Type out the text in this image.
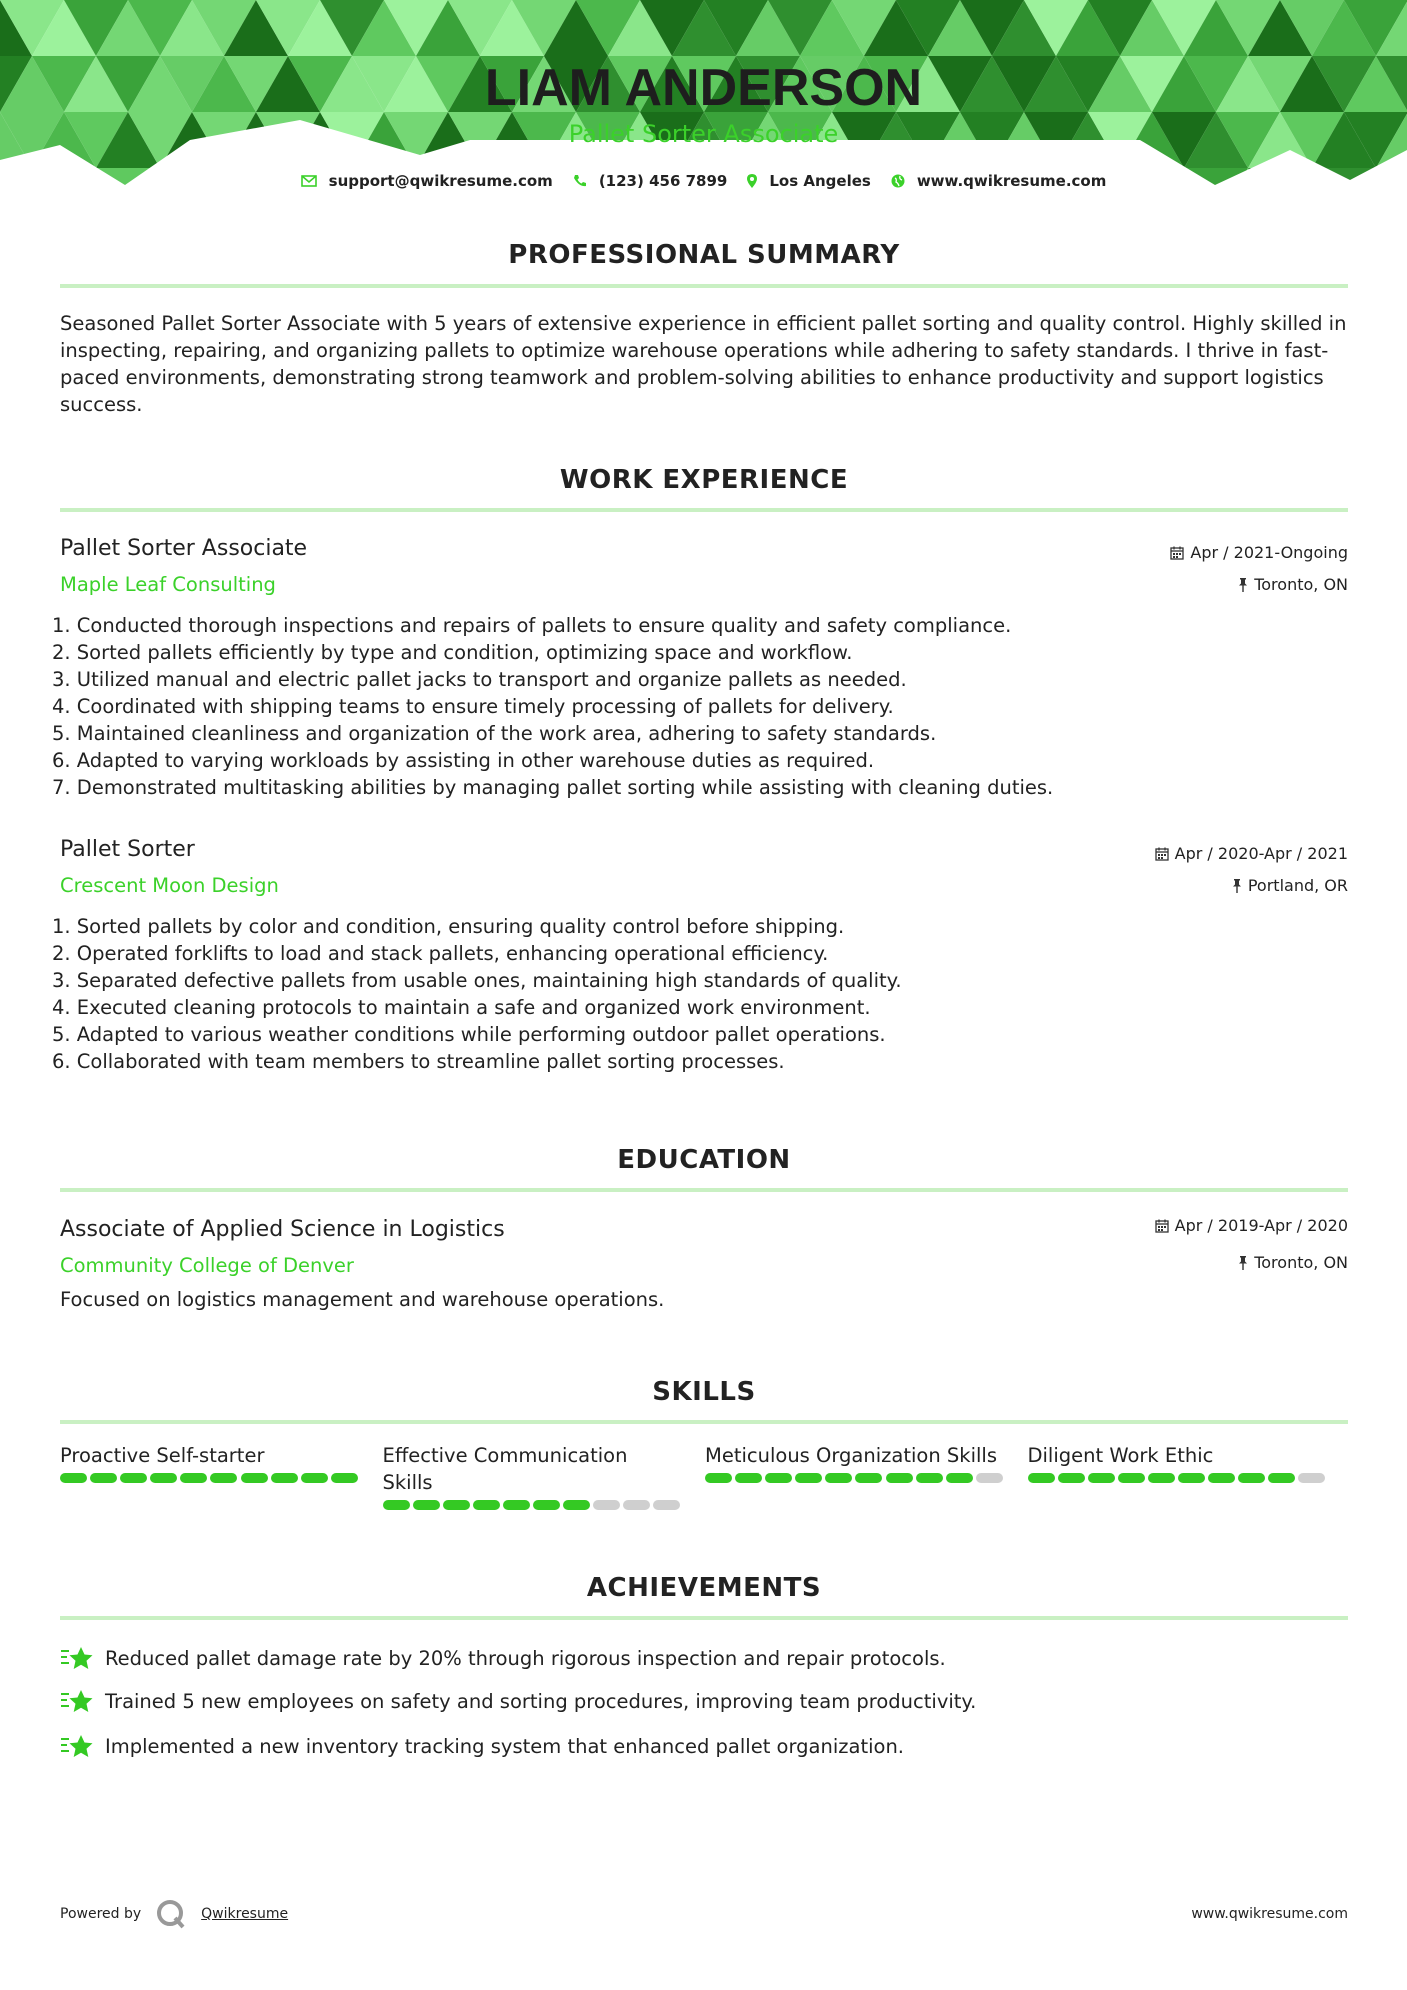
LIAM ANDERSON
Pallet Sorter Associate
support@qwikresume.com	(123) 456 7899	Los Angeles	www.qwikresume.com
PROFESSIONAL SUMMARY
Seasoned Pallet Sorter Associate with 5 years of extensive experience in efficient pallet sorting and quality control. Highly skilled in inspecting, repairing, and organizing pallets to optimize warehouse operations while adhering to safety standards. I thrive in fast-paced environments, demonstrating strong teamwork and problem-solving abilities to enhance productivity and support logistics success.
WORK EXPERIENCE
Pallet Sorter Associate
Maple Leaf Consulting
Apr / 2021-Ongoing
Toronto, ON
1. Conducted thorough inspections and repairs of pallets to ensure quality and safety compliance.
2. Sorted pallets efficiently by type and condition, optimizing space and workflow.
3. Utilized manual and electric pallet jacks to transport and organize pallets as needed.
4. Coordinated with shipping teams to ensure timely processing of pallets for delivery.
5. Maintained cleanliness and organization of the work area, adhering to safety standards.
6. Adapted to varying workloads by assisting in other warehouse duties as required.
7. Demonstrated multitasking abilities by managing pallet sorting while assisting with cleaning duties.
Pallet Sorter
Crescent Moon Design
Apr / 2020-Apr / 2021
Portland, OR
1. Sorted pallets by color and condition, ensuring quality control before shipping.
2. Operated forklifts to load and stack pallets, enhancing operational efficiency.
3. Separated defective pallets from usable ones, maintaining high standards of quality.
4. Executed cleaning protocols to maintain a safe and organized work environment.
5. Adapted to various weather conditions while performing outdoor pallet operations.
6. Collaborated with team members to streamline pallet sorting processes.
EDUCATION
Associate of Applied Science in Logistics
Community College of Denver
Apr / 2019-Apr / 2020
Toronto, ON
Focused on logistics management and warehouse operations.
SKILLS
Proactive Self-starter	Effective Communication Skills
Meticulous Organization Skills	Diligent Work Ethic
ACHIEVEMENTS
Reduced pallet damage rate by 20% through rigorous inspection and repair protocols.
Trained 5 new employees on safety and sorting procedures, improving team productivity.
Implemented a new inventory tracking system that enhanced pallet organization.
Powered by	Qwikresume	www.qwikresume.com
